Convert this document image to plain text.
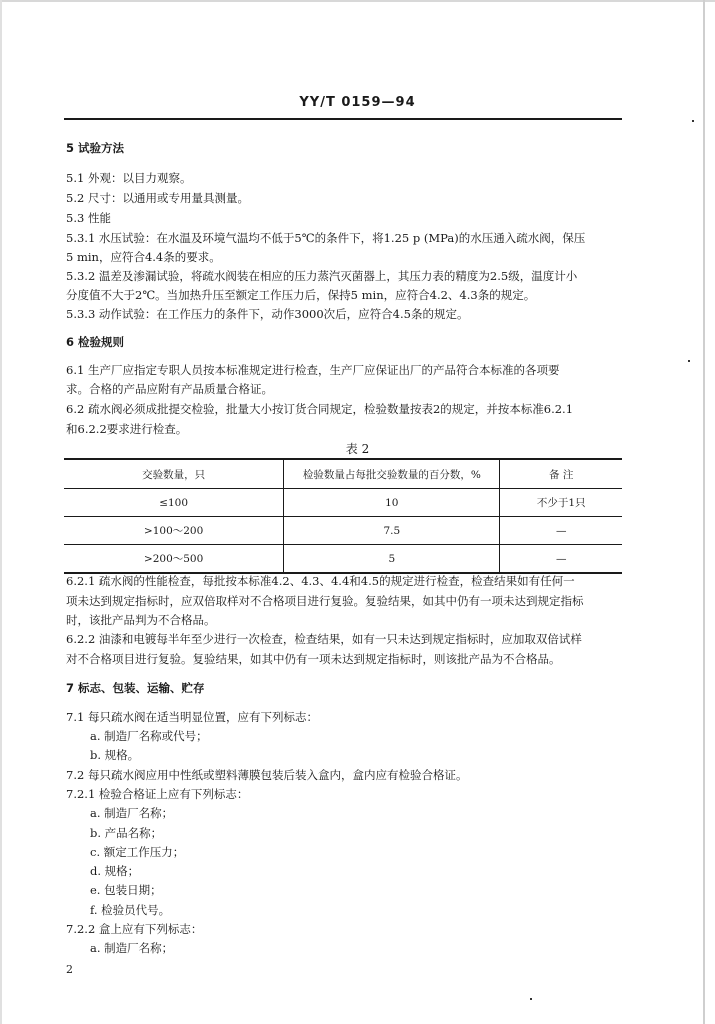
YY/T 0159—94
5 试验方法
5.1 外观：以目力观察。
5.2 尺寸：以通用或专用量具测量。
5.3 性能
5.3.1 水压试验：在水温及环境气温均不低于5℃的条件下，将1.25 p (MPa)的水压通入疏水阀，保压
5 min，应符合4.4条的要求。
5.3.2 温差及渗漏试验，将疏水阀装在相应的压力蒸汽灭菌器上，其压力表的精度为2.5级，温度计小
分度值不大于2℃。当加热升压至额定工作压力后，保持5 min，应符合4.2、4.3条的规定。
5.3.3 动作试验：在工作压力的条件下，动作3000次后，应符合4.5条的规定。
6 检验规则
6.1 生产厂应指定专职人员按本标准规定进行检查，生产厂应保证出厂的产品符合本标准的各项要
求。合格的产品应附有产品质量合格证。
6.2 疏水阀必须成批提交检验，批量大小按订货合同规定，检验数量按表2的规定，并按本标准6.2.1
和6.2.2要求进行检查。
表 2
交验数量，只	检验数量占每批交验数量的百分数，%	备 注
≤100	10	不少于1只
>100～200	7.5	—
>200～500	5	—
6.2.1 疏水阀的性能检查，每批按本标准4.2、4.3、4.4和4.5的规定进行检查，检查结果如有任何一
项未达到规定指标时，应双倍取样对不合格项目进行复验。复验结果，如其中仍有一项未达到规定指标
时，该批产品判为不合格品。
6.2.2 油漆和电镀每半年至少进行一次检查，检查结果，如有一只未达到规定指标时，应加取双倍试样
对不合格项目进行复验。复验结果，如其中仍有一项未达到规定指标时，则该批产品为不合格品。
7 标志、包装、运输、贮存
7.1 每只疏水阀在适当明显位置，应有下列标志：
a. 制造厂名称或代号；
b. 规格。
7.2 每只疏水阀应用中性纸或塑料薄膜包装后装入盒内，盒内应有检验合格证。
7.2.1 检验合格证上应有下列标志：
a. 制造厂名称；
b. 产品名称；
c. 额定工作压力；
d. 规格；
e. 包装日期；
f. 检验员代号。
7.2.2 盒上应有下列标志：
a. 制造厂名称；
2
